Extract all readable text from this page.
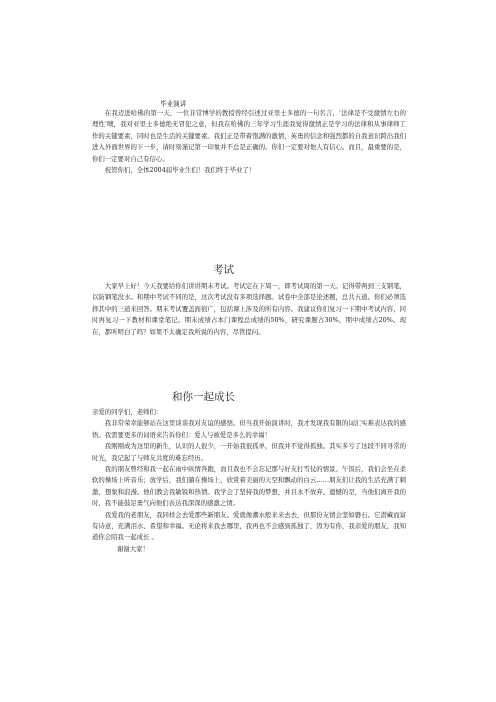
毕业演讲

在我迈进哈佛的第一天，一位非常博学的教授曾经引述过亚里士多德的一句名言，‘法律是不受激情左右的理性’噢，我对亚里士多德绝无冒犯之意，但我在哈佛的三年学习生涯我觉得激情正是学习的法律和从事律师工作的关键要素，同时也是生活的关键要素。我们正是带着饱满的激情，英勇的信念和强烈都的自我意识跨出我们进入外面世界的下一步，请时刻谨记第一印象并不总是正确的。你们一定要对他人有信心。而且，最重要的是，你们一定要对自己有信心。

祝贺你们，全体2004届毕业生们！我们终于毕业了！

考试

大家早上好！今天我要给你们讲讲期末考试。考试定在下周一，即考试周的第一天。记得带两到三支钢笔，以防钢笔没水。和期中考试不同的是，这次考试没有多项选择题。试卷中全部是论述题，总共五道。你们必须选择其中的三道来回答。期末考试覆盖面很广，包括课上涉及的所有内容。我建议你们复习一下期中考试内容，同时再复习一下教材和课堂笔记。期末成绩占本门课程总成绩的50%，研究课题占30%，期中成绩占20%。现在，都听明白了吗？如果不太确定我所说的内容，尽管提问。

和你一起成长

亲爱的同学们，老师们：

我非常荣幸能够站在这里谈谈我对友谊的感悟。但当我开始演讲时，我才发现我有限的词汇实难表达我的感悟。我需要更多的词语来告诉你们：爱人与被爱是多么的幸福！

我刚刚成为这里的新生，认识的人很少，一开始我很孤单，但我并不觉得孤独。其实多亏了这段不同寻常的时光，我记起了与师友共度的难忘经历。

我的朋友曾经和我一起在雨中纵情奔跑，而且我也不会忘记那与好友打雪仗的情景。午饭后，我们会坐在柔软的操场上听音乐；放学后，我们躺在操场上，欣赏着美丽的天空和飘动的白云……朋友们让我的生活充满了刺激，想象和浪漫。他们教会我敏锐和热情。我学会了坚持我的梦想，并且永不放弃。遗憾的是，当他们离开我的时，我不能鼓足勇气向他们表达我深深的感激之情。

我爱我的老朋友，我同样会去爱那些新朋友。爱就像潮水般来来去去，但那份友情会坚如磐石。它潜藏而富有诗意，充满泪水、希望和幸福。无论将来我去哪里，我再也不会感到孤独了，因为有你，我亲爱的朋友，我知道你会陪我一起成长 。

谢谢大家！
